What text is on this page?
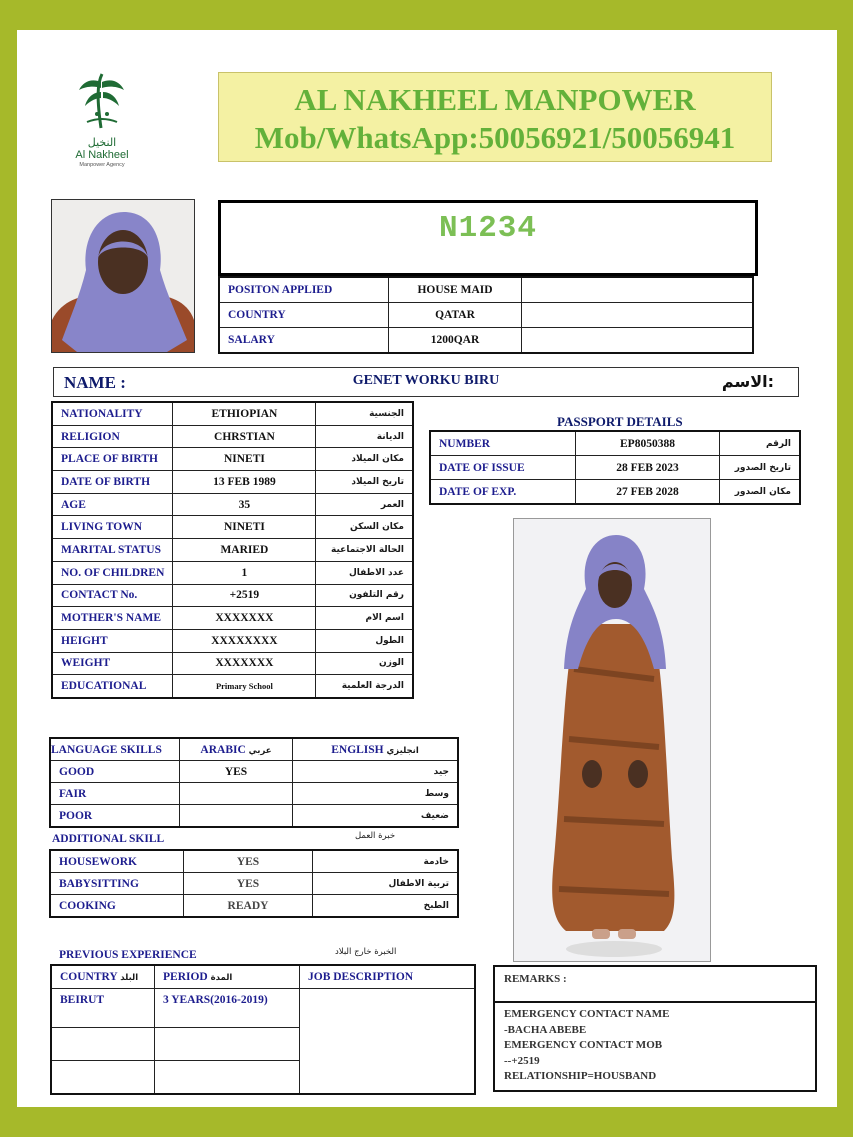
النخيل
Al Nakheel
Manpower Agency
AL NAKHEEL MANPOWER
Mob/WhatsApp:50056921/50056941
N1234
POSITON APPLIED	HOUSE MAID	
COUNTRY	QATAR	
SALARY	1200QAR	
GENET WORKU BIRU
NAME :	الاسم:
NATIONALITY	ETHIOPIAN	الجنسية
RELIGION	CHRSTIAN	الديانة
PLACE OF BIRTH	NINETI	مكان الميلاد
DATE OF BIRTH	13 FEB 1989	تاريخ الميلاد
AGE	35	العمر
LIVING TOWN	NINETI	مكان السكن
MARITAL STATUS	MARIED	الحالة الاجتماعية
NO. OF CHILDREN	1	عدد الاطفال
CONTACT No.	+2519	رقم التلفون
MOTHER'S NAME	XXXXXXX	اسم الام
HEIGHT	XXXXXXXX	الطول
WEIGHT	XXXXXXX	الوزن
EDUCATIONAL	Primary School	الدرجة العلمية
PASSPORT DETAILS
NUMBER	EP8050388	الرقم
DATE OF ISSUE	28 FEB 2023	تاريخ الصدور
DATE OF EXP.	27 FEB 2028	مكان الصدور
LANGUAGE SKILLS	ARABIC عربي	ENGLISH انجليزي
GOOD	YES	جيد
FAIR		وسط
POOR		ضعيف
ADDITIONAL SKILL	خبرة العمل
HOUSEWORK	YES	خادمة
BABYSITTING	YES	تربية الاطفال
COOKING	READY	الطبخ
PREVIOUS EXPERIENCE	الخبرة خارج البلاد
COUNTRY البلد	PERIOD المدة	JOB DESCRIPTION
BEIRUT	3 YEARS(2016-2019)	

REMARKS :
EMERGENCY CONTACT NAME
-BACHA ABEBE
EMERGENCY CONTACT MOB
--+2519
RELATIONSHIP=HOUSBAND
